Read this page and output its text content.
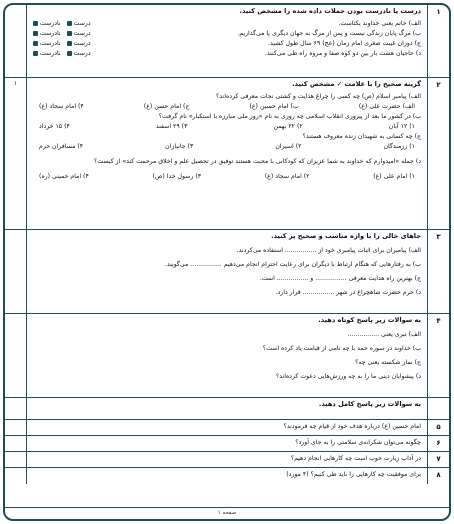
درست یا نادرست بودن جملات داده شده را مشخص کنید.
الف) خاتم یعنی خداوند یکتاست.
درست
نادرست
ب) مرگ پایان زندگی نیست و پس از مرگ به جهان دیگری پا می‌گذاریم.
درست
نادرست
ج) دوران غیبت صغری امام زمان (عج) ۶۹ سال طول کشید.
درست
نادرست
د) حاجیان هشت بار بین دو کوه صفا و مروه راه طی می‌کنند.
درست
نادرست
۱
۱	گزینه صحیح را با علامت ✓ مشخص کنید.
الف) پیامبر اسلام (ص) چه کسی را چراغ هدایت و کشتی نجات معرفی کرده‌اند؟
الف) حضرت علی (ع)
ب) امام حسین (ع)
ج) امام حسن (ع)
۴) امام سجاد (ع)
ب) در کشور ما بعد از پیروزی انقلاب اسلامی چه روزی به نام «روز ملی مبارزه با استکبار» نام گرفت؟
۱) ۱۲ آبان
۲) ۲۲ بهمن
۳) ۲۹ اسفند
۴) ۱۵ خرداد
ج) چه کسانی به شهیدان زنده معروف هستند؟
۱) رزمندگان
۲) اسیران
۳) جانبازان
۴) مسافران حرم
د) جمله «امیدوارم که خداوند به شما عزیزان که کودکانی با محبت هستند توفیق در تحصیل علم و اخلاق مرحمت کند» از کیست؟
۱) امام علی (ع)
۲) امام سجاد (ع)
۳) رسول خدا (ص)
۴) امام خمینی (ره)
۲
جاهای خالی را با واژه مناسب و صحیح پر کنید.
الف) پیامبران برای اثبات پیامبری خود از ................ استفاده می‌کردند.
ب) به رفتارهایی که هنگام ارتباط با دیگران برای رعایت احترام انجام می‌دهیم ................ می‌گویند.
ج) بهترین راه هدایت معرفی ................ و ................ است.
د) حرم حضرت شاهچراغ در شهر ................ قرار دارد.
۳
به سوالات زیر پاسخ کوتاه دهید.
الف) تبری یعنی ................
ب) خداوند در سوره حمد با چه نامی از قیامت یاد کرده است؟
ج) نماز شکسته یعنی چه؟
د) پیشوایان دینی ما را به چه ورزش‌هایی دعوت کرده‌اند؟
۴
به سوالات زیر پاسخ کامل دهید.
امام حسین (ع) درباره هدف خود از قیام چه فرمودند؟	۵
چگونه می‌توان شکرانه‌ی سلامتی را به جای آورد؟	۶
در آداب زیارت خوب است چه کارهایی انجام دهیم؟	۷
برای موفقیت چه کارهایی را باید طی کنیم؟ (۴ مورد)	۸
صفحه ۱
